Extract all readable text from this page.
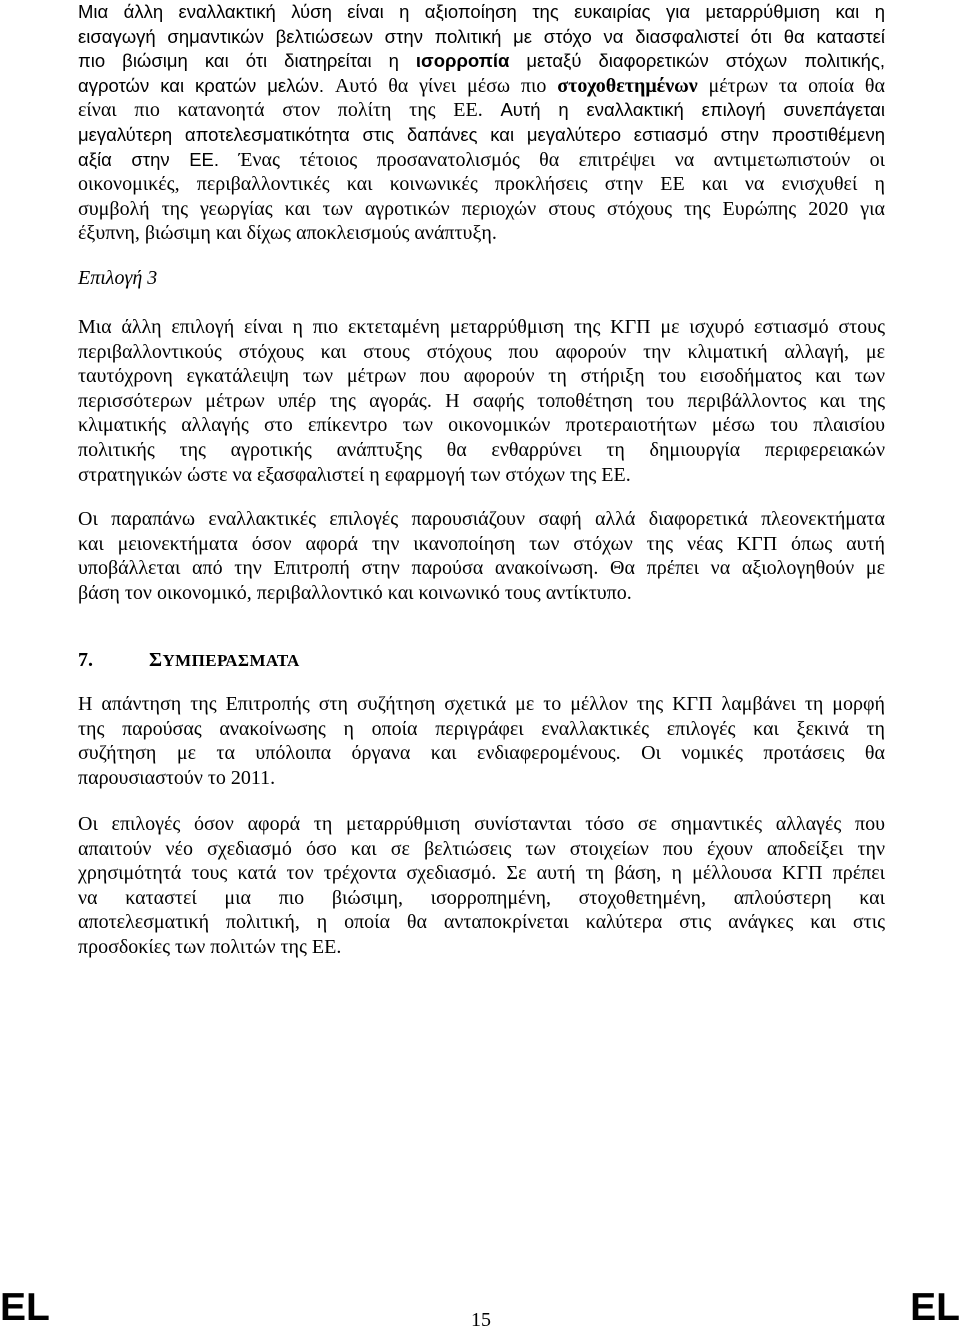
Μια άλλη εναλλακτική λύση είναι η αξιοποίηση της ευκαιρίας για μεταρρύθμιση και η
εισαγωγή σημαντικών βελτιώσεων στην πολιτική με στόχο να διασφαλιστεί ότι θα καταστεί
πιο βιώσιμη και ότι διατηρείται η ισορροπία μεταξύ διαφορετικών στόχων πολιτικής,
αγροτών και κρατών μελών. Αυτό θα γίνει μέσω πιο στοχοθετημένων μέτρων τα οποία θα
είναι πιο κατανοητά στον πολίτη της ΕΕ. Αυτή η εναλλακτική επιλογή συνεπάγεται
μεγαλύτερη αποτελεσματικότητα στις δαπάνες και μεγαλύτερο εστιασμό στην προστιθέμενη
αξία στην ΕΕ. Ένας τέτοιος προσανατολισμός θα επιτρέψει να αντιμετωπιστούν οι
οικονομικές, περιβαλλοντικές και κοινωνικές προκλήσεις στην ΕΕ και να ενισχυθεί η
συμβολή της γεωργίας και των αγροτικών περιοχών στους στόχους της Ευρώπης 2020 για
έξυπνη, βιώσιμη και δίχως αποκλεισμούς ανάπτυξη.
Επιλογή 3
Μια άλλη επιλογή είναι η πιο εκτεταμένη μεταρρύθμιση της ΚΓΠ με ισχυρό εστιασμό στους
περιβαλλοντικούς στόχους και στους στόχους που αφορούν την κλιματική αλλαγή, με
ταυτόχρονη εγκατάλειψη των μέτρων που αφορούν τη στήριξη του εισοδήματος και των
περισσότερων μέτρων υπέρ της αγοράς. Η σαφής τοποθέτηση του περιβάλλοντος και της
κλιματικής αλλαγής στο επίκεντρο των οικονομικών προτεραιοτήτων μέσω του πλαισίου
πολιτικής της αγροτικής ανάπτυξης θα ενθαρρύνει τη δημιουργία περιφερειακών
στρατηγικών ώστε να εξασφαλιστεί η εφαρμογή των στόχων της ΕΕ.
Οι παραπάνω εναλλακτικές επιλογές παρουσιάζουν σαφή αλλά διαφορετικά πλεονεκτήματα
και μειονεκτήματα όσον αφορά την ικανοποίηση των στόχων της νέας ΚΓΠ όπως αυτή
υποβάλλεται από την Επιτροπή στην παρούσα ανακοίνωση. Θα πρέπει να αξιολογηθούν με
βάση τον οικονομικό, περιβαλλοντικό και κοινωνικό τους αντίκτυπο.
7.	ΣΥΜΠΕΡΑΣΜΑΤΑ
Η απάντηση της Επιτροπής στη συζήτηση σχετικά με το μέλλον της ΚΓΠ λαμβάνει τη μορφή
της παρούσας ανακοίνωσης η οποία περιγράφει εναλλακτικές επιλογές και ξεκινά τη
συζήτηση με τα υπόλοιπα όργανα και ενδιαφερομένους. Οι νομικές προτάσεις θα
παρουσιαστούν το 2011.
Οι επιλογές όσον αφορά τη μεταρρύθμιση συνίστανται τόσο σε σημαντικές αλλαγές που
απαιτούν νέο σχεδιασμό όσο και σε βελτιώσεις των στοιχείων που έχουν αποδείξει την
χρησιμότητά τους κατά τον τρέχοντα σχεδιασμό. Σε αυτή τη βάση, η μέλλουσα ΚΓΠ πρέπει
να καταστεί μια πιο βιώσιμη, ισορροπημένη, στοχοθετημένη, απλούστερη και
αποτελεσματική πολιτική, η οποία θα ανταποκρίνεται καλύτερα στις ανάγκες και στις
προσδοκίες των πολιτών της ΕΕ.
EL	15	EL
